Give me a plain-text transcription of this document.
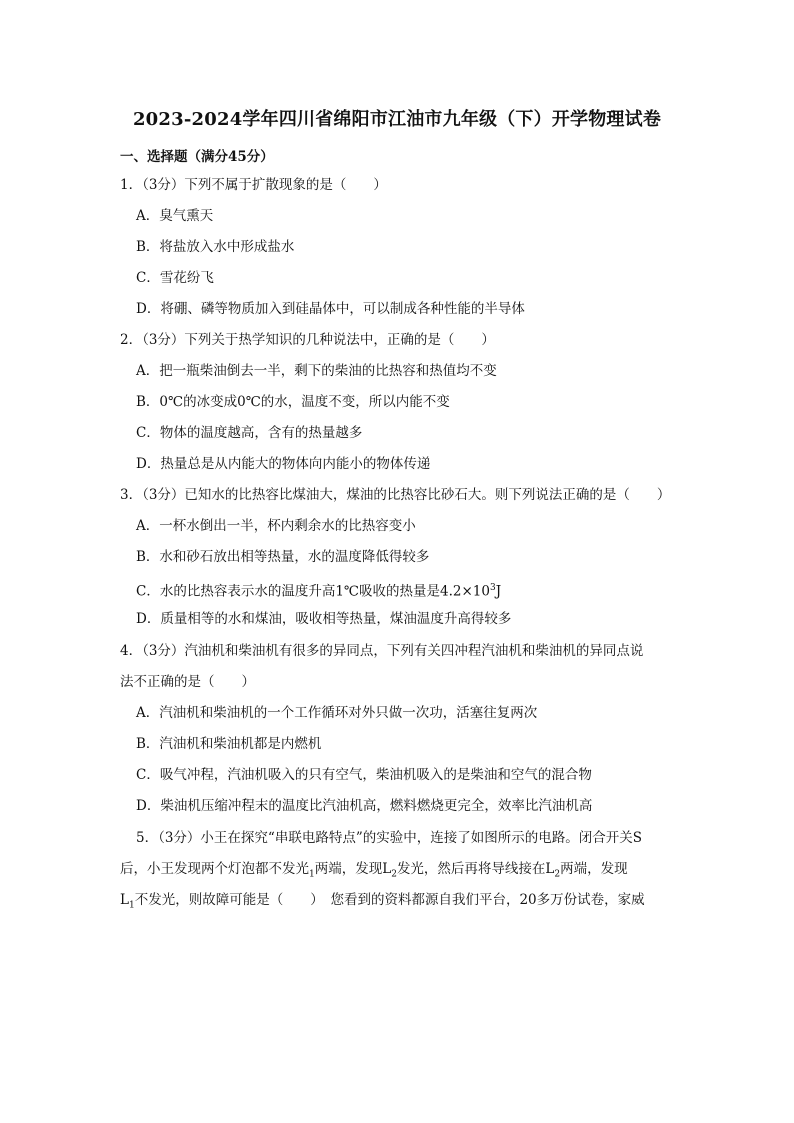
2023-2024学年四川省绵阳市江油市九年级（下）开学物理试卷
一、选择题（满分45分）
1．（3分）下列不属于扩散现象的是（　　）
A．臭气熏天
B．将盐放入水中形成盐水
C．雪花纷飞
D．将硼、磷等物质加入到硅晶体中，可以制成各种性能的半导体
2．（3分）下列关于热学知识的几种说法中，正确的是（　　）
A．把一瓶柴油倒去一半，剩下的柴油的比热容和热值均不变
B．0℃的冰变成0℃的水，温度不变，所以内能不变
C．物体的温度越高，含有的热量越多
D．热量总是从内能大的物体向内能小的物体传递
3．（3分）已知水的比热容比煤油大，煤油的比热容比砂石大。则下列说法正确的是（　　）
A．一杯水倒出一半，杯内剩余水的比热容变小
B．水和砂石放出相等热量，水的温度降低得较多
C．水的比热容表示水的温度升高1℃吸收的热量是$4.2\times 10^3J$
D．质量相等的水和煤油，吸收相等热量，煤油温度升高得较多
4．（3分）汽油机和柴油机有很多的异同点，下列有关四冲程汽油机和柴油机的异同点说
法不正确的是（　　）
A．汽油机和柴油机的一个工作循环对外只做一次功，活塞往复两次
B．汽油机和柴油机都是内燃机
C．吸气冲程，汽油机吸入的只有空气，柴油机吸入的是柴油和空气的混合物
D．柴油机压缩冲程末的温度比汽油机高，燃料燃烧更完全，效率比汽油机高
5．（3分）小王在探究“串联电路特点”的实验中，连接了如图所示的电路。闭合开关S
后，小王发现两个灯泡都不发光$_1$两端，发现$L_2$发光，然后再将导线接在$L_2$两端，发现
$L_1$不发光，则故障可能是（　　）　您看到的资料都源自我们平台，20多万份试卷，家威
